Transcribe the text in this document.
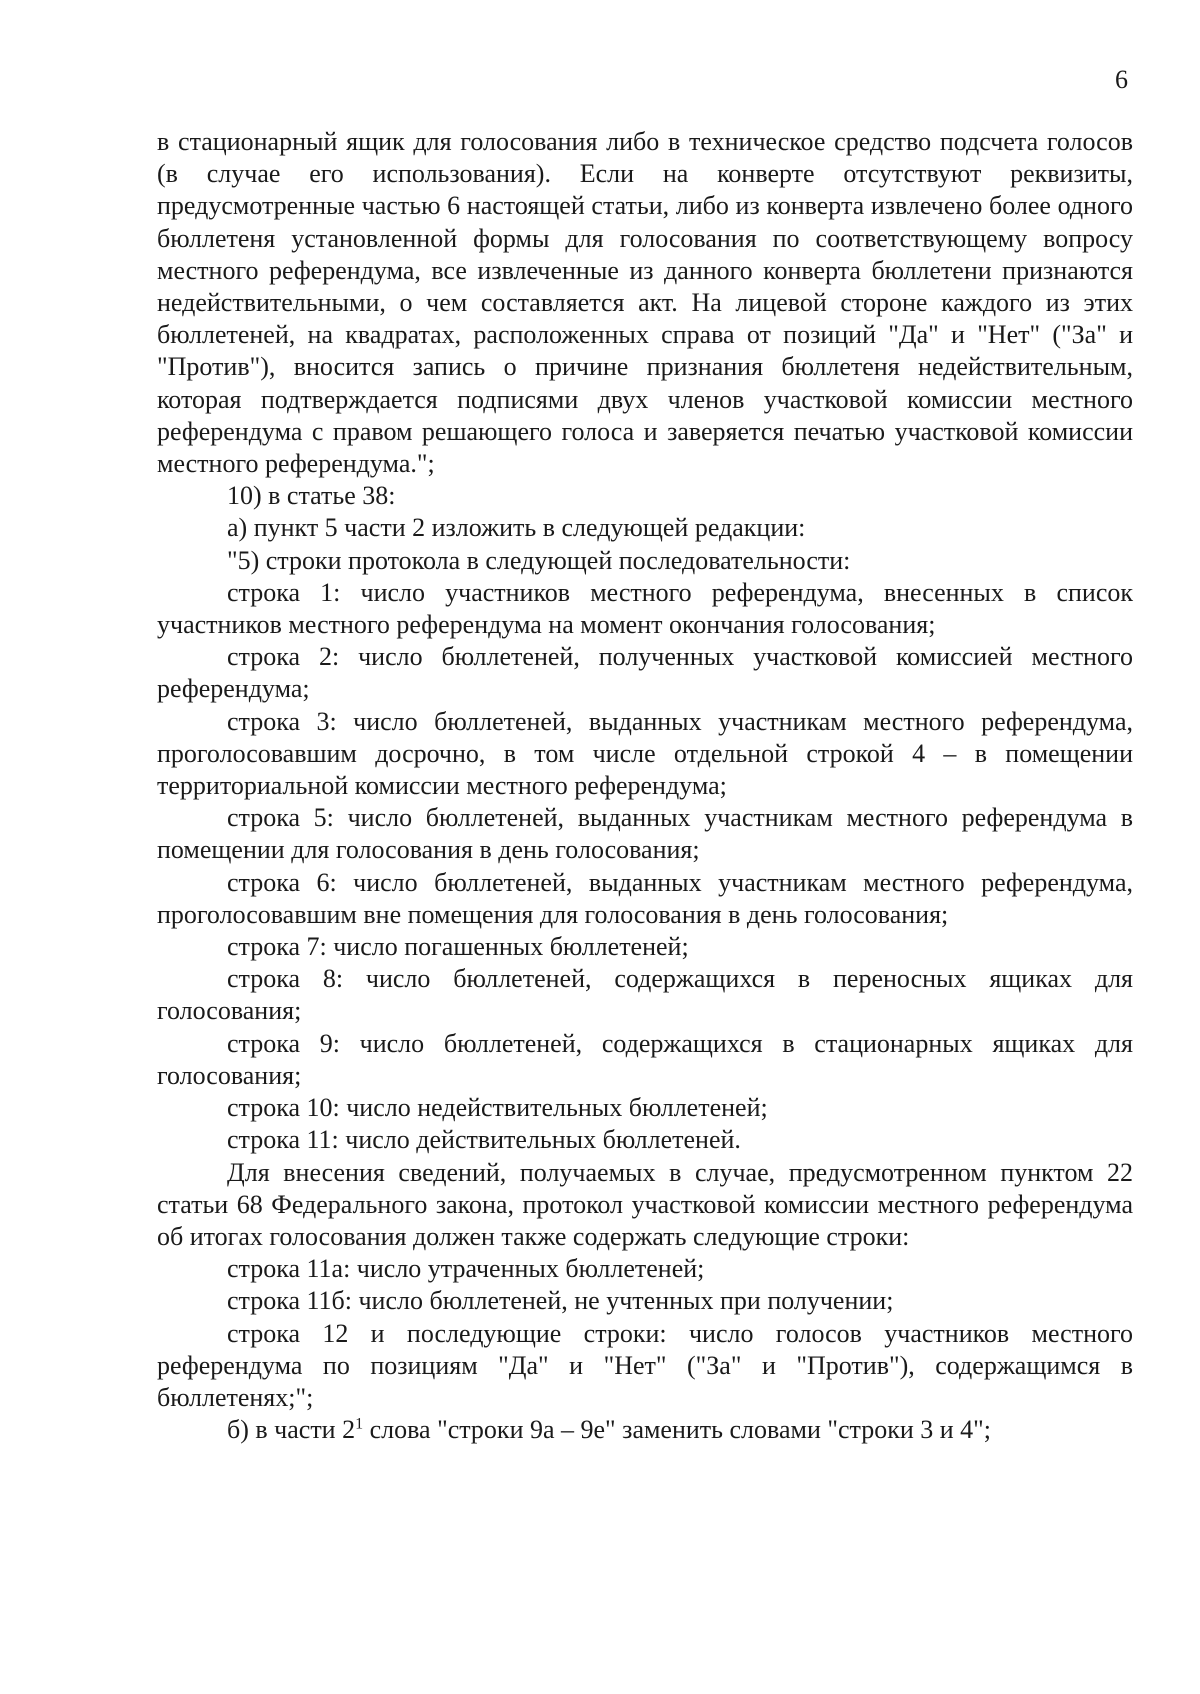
6

в стационарный ящик для голосования либо в техническое средство подсчета голосов (в случае его использования). Если на конверте отсутствуют реквизиты, предусмотренные частью 6 настоящей статьи, либо из конверта извлечено более одного бюллетеня установленной формы для голосования по соответствующему вопросу местного референдума, все извлеченные из данного конверта бюллетени признаются недействительными, о чем составляется акт. На лицевой стороне каждого из этих бюллетеней, на квадратах, расположенных справа от позиций "Да" и "Нет" ("За" и "Против"), вносится запись о причине признания бюллетеня недействительным, которая подтверждается подписями двух членов участковой комиссии местного референдума с правом решающего голоса и заверяется печатью участковой комиссии местного референдума.";

10) в статье 38:

а) пункт 5 части 2 изложить в следующей редакции:

"5) строки протокола в следующей последовательности:

строка 1: число участников местного референдума, внесенных в список участников местного референдума на момент окончания голосования;

строка 2: число бюллетеней, полученных участковой комиссией местного референдума;

строка 3: число бюллетеней, выданных участникам местного референдума, проголосовавшим досрочно, в том числе отдельной строкой 4 – в помещении территориальной комиссии местного референдума;

строка 5: число бюллетеней, выданных участникам местного референдума в помещении для голосования в день голосования;

строка 6: число бюллетеней, выданных участникам местного референдума, проголосовавшим вне помещения для голосования в день голосования;

строка 7: число погашенных бюллетеней;

строка 8: число бюллетеней, содержащихся в переносных ящиках для голосования;

строка 9: число бюллетеней, содержащихся в стационарных ящиках для голосования;

строка 10: число недействительных бюллетеней;

строка 11: число действительных бюллетеней.

Для внесения сведений, получаемых в случае, предусмотренном пунктом 22 статьи 68 Федерального закона, протокол участковой комиссии местного референдума об итогах голосования должен также содержать следующие строки:

строка 11а: число утраченных бюллетеней;

строка 11б: число бюллетеней, не учтенных при получении;

строка 12 и последующие строки: число голосов участников местного референдума по позициям "Да" и "Нет" ("За" и "Против"), содержащимся в бюллетенях;";

б) в части $2^1$ слова "строки 9а – 9е" заменить словами "строки 3 и 4";
